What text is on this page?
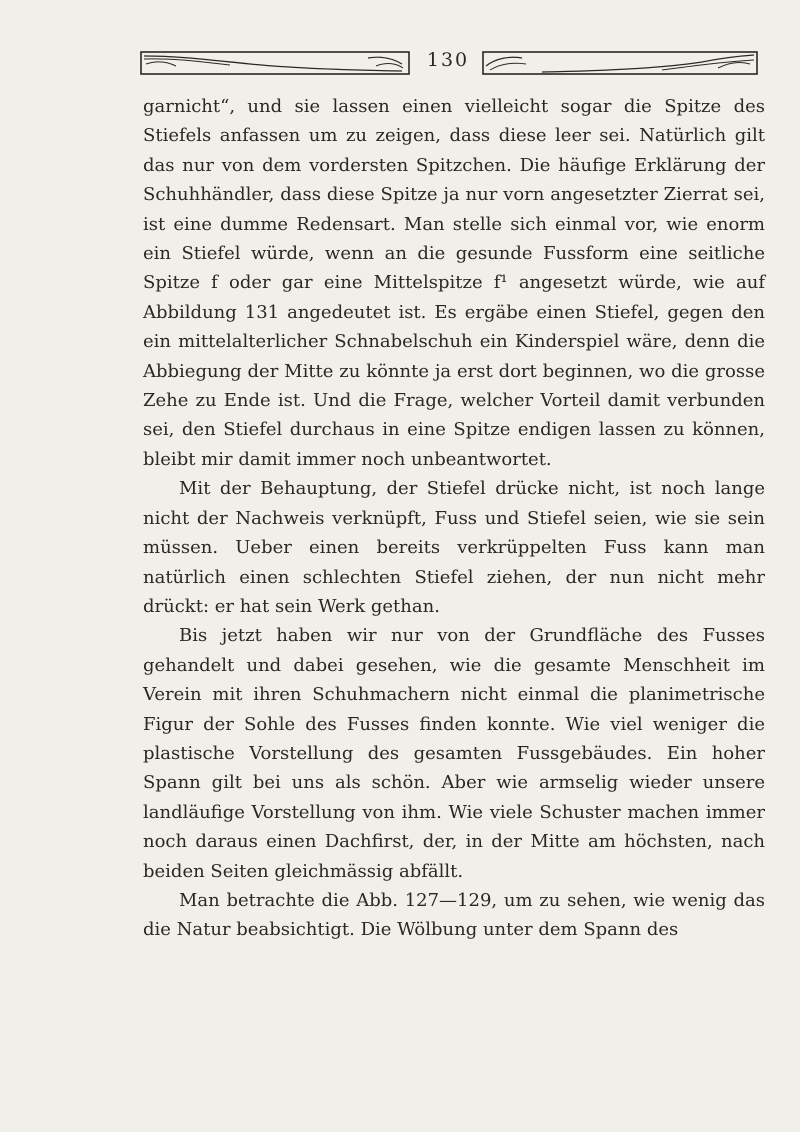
130

garnicht“, und sie lassen einen vielleicht sogar die Spitze des Stiefels anfassen um zu zeigen, dass diese leer sei. Natürlich gilt das nur von dem vordersten Spitzchen. Die häufige Erklärung der Schuhhändler, dass diese Spitze ja nur vorn angesetzter Zierrat sei, ist eine dumme Redensart. Man stelle sich einmal vor, wie enorm ein Stiefel würde, wenn an die gesunde Fussform eine seitliche Spitze f oder gar eine Mittelspitze f¹ angesetzt würde, wie auf Abbildung 131 angedeutet ist. Es ergäbe einen Stiefel, gegen den ein mittelalterlicher Schnabelschuh ein Kinderspiel wäre, denn die Abbiegung der Mitte zu könnte ja erst dort beginnen, wo die grosse Zehe zu Ende ist. Und die Frage, welcher Vorteil damit verbunden sei, den Stiefel durchaus in eine Spitze endigen lassen zu können, bleibt mir damit immer noch unbeantwortet.

Mit der Behauptung, der Stiefel drücke nicht, ist noch lange nicht der Nachweis verknüpft, Fuss und Stiefel seien, wie sie sein müssen. Ueber einen bereits verkrüppelten Fuss kann man natürlich einen schlechten Stiefel ziehen, der nun nicht mehr drückt: er hat sein Werk gethan.

Bis jetzt haben wir nur von der Grundfläche des Fusses gehandelt und dabei gesehen, wie die gesamte Menschheit im Verein mit ihren Schuhmachern nicht einmal die planimetrische Figur der Sohle des Fusses finden konnte. Wie viel weniger die plastische Vorstellung des gesamten Fussgebäudes. Ein hoher Spann gilt bei uns als schön. Aber wie armselig wieder unsere landläufige Vorstellung von ihm. Wie viele Schuster machen immer noch daraus einen Dachfirst, der, in der Mitte am höchsten, nach beiden Seiten gleichmässig abfällt.

Man betrachte die Abb. 127—129, um zu sehen, wie wenig das die Natur beabsichtigt. Die Wölbung unter dem Spann des
